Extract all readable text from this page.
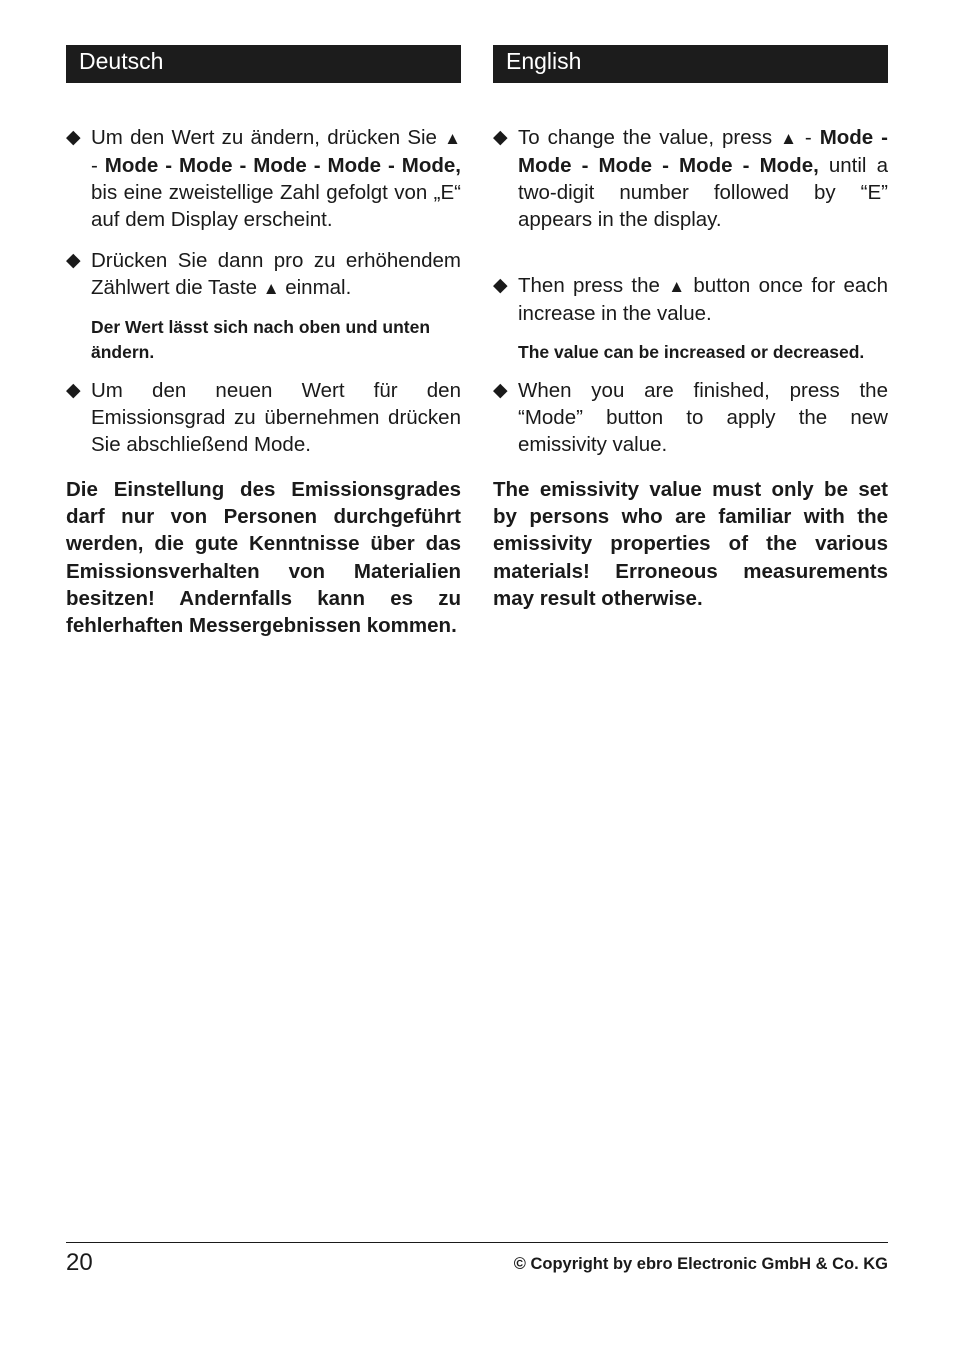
Deutsch
◆ Um den Wert zu ändern, drücken Sie ▲ - Mode - Mode - Mode - Mode - Mode, bis eine zweistellige Zahl gefolgt von „E“ auf dem Display erscheint.
◆ Drücken Sie dann pro zu erhöhendem Zählwert die Taste ▲ einmal.
Der Wert lässt sich nach oben und unten ändern.
◆ Um den neuen Wert für den Emissionsgrad zu übernehmen drücken Sie abschließend Mode.
Die Einstellung des Emissionsgrades darf nur von Personen durchgeführt werden, die gute Kenntnisse über das Emissionsverhalten von Materialien besitzen! Andernfalls kann es zu fehlerhaften Messergebnissen kommen.
English
◆ To change the value, press ▲ - Mode - Mode - Mode - Mode - Mode, until a two-digit number followed by “E” appears in the display.
◆ Then press the ▲ button once for each increase in the value.
The value can be increased or decreased.
◆ When you are finished, press the “Mode” button to apply the new emissivity value.
The emissivity value must only be set by persons who are familiar with the emissivity properties of the various materials! Erroneous measurements may result otherwise.
20	© Copyright by ebro Electronic GmbH & Co. KG
